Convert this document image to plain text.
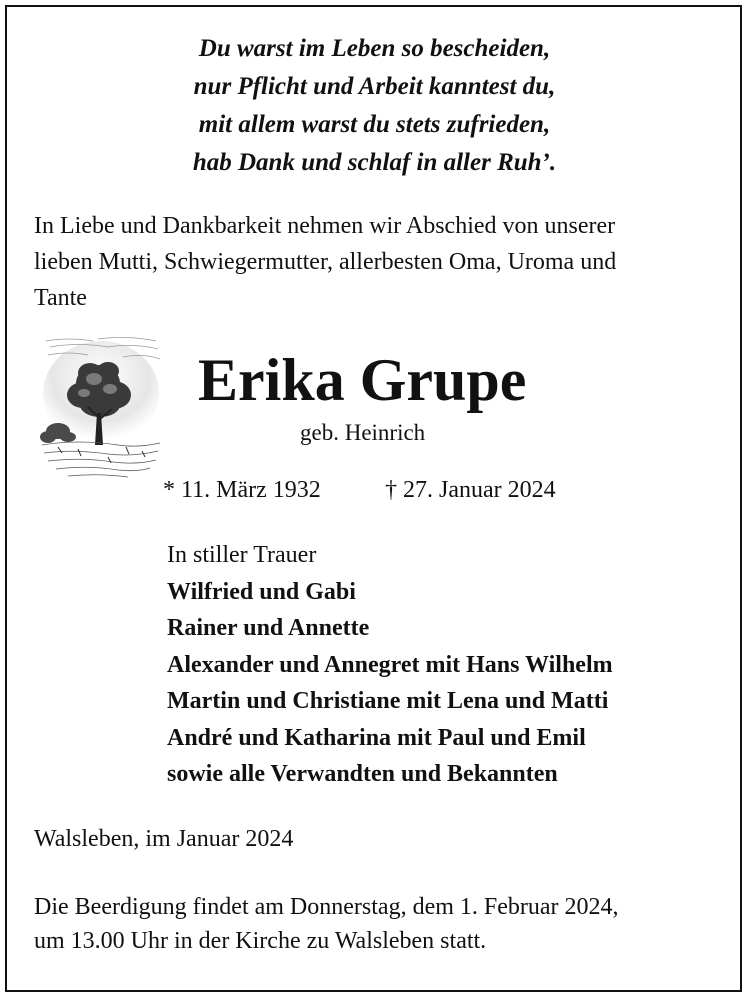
Du warst im Leben so bescheiden,
nur Pflicht und Arbeit kanntest du,
mit allem warst du stets zufrieden,
hab Dank und schlaf in aller Ruh’.
In Liebe und Dankbarkeit nehmen wir Abschied von unserer
lieben Mutti, Schwiegermutter, allerbesten Oma, Uroma und
Tante
Erika Grupe
geb. Heinrich
* 11. März 1932	† 27. Januar 2024
In stiller Trauer
Wilfried und Gabi
Rainer und Annette
Alexander und Annegret mit Hans Wilhelm
Martin und Christiane mit Lena und Matti
André und Katharina mit Paul und Emil
sowie alle Verwandten und Bekannten
Walsleben, im Januar 2024
Die Beerdigung findet am Donnerstag, dem 1. Februar 2024,
um 13.00 Uhr in der Kirche zu Walsleben statt.
